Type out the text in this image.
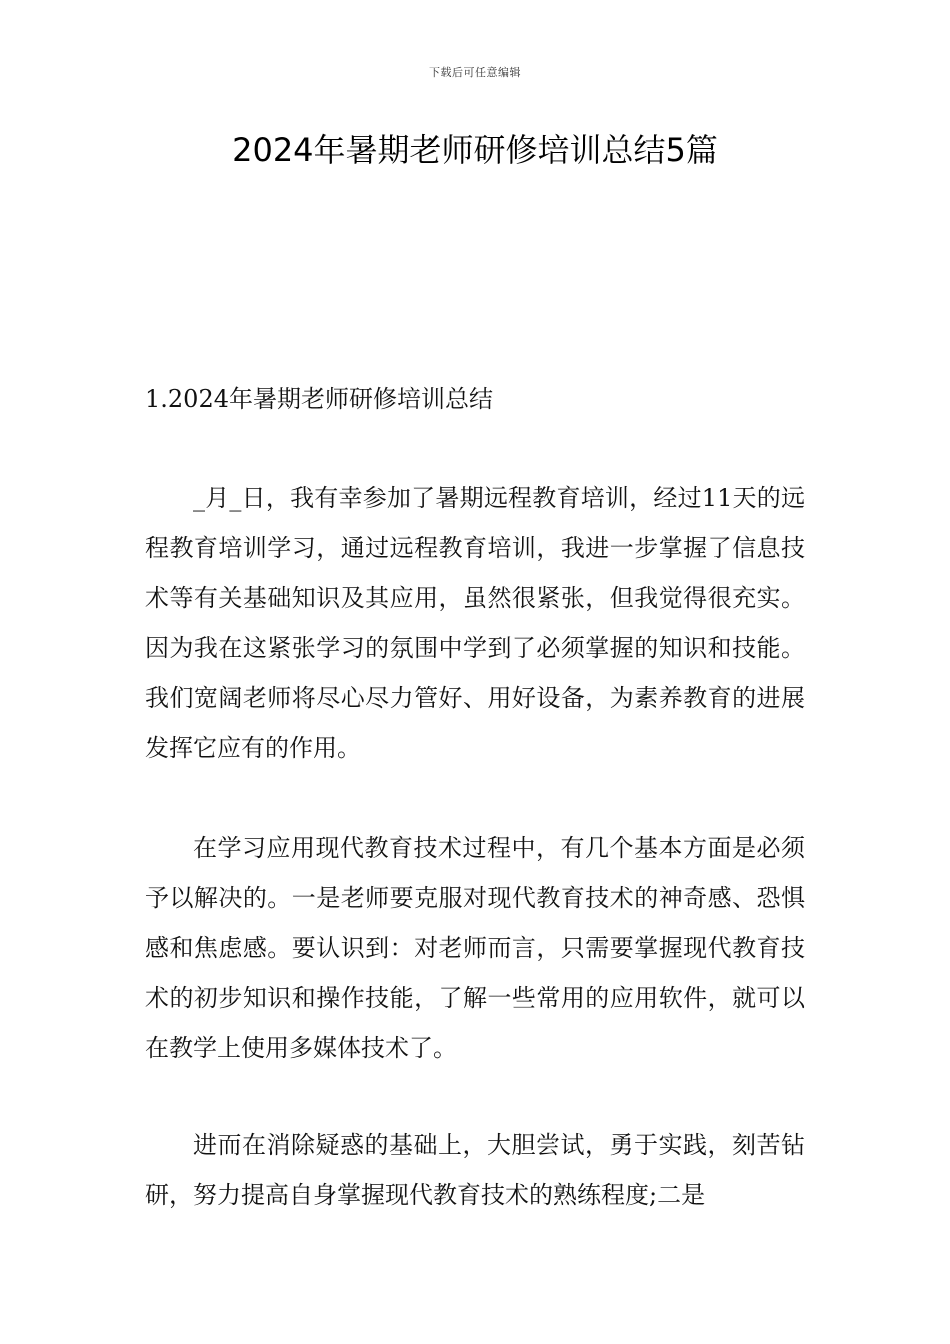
下载后可任意编辑
2024年暑期老师研修培训总结5篇
1.2024年暑期老师研修培训总结

_月_日，我有幸参加了暑期远程教育培训，经过11天的远程教育培训学习，通过远程教育培训，我进一步掌握了信息技术等有关基础知识及其应用，虽然很紧张，但我觉得很充实。因为我在这紧张学习的氛围中学到了必须掌握的知识和技能。我们宽阔老师将尽心尽力管好、用好设备，为素养教育的进展发挥它应有的作用。

在学习应用现代教育技术过程中，有几个基本方面是必须予以解决的。一是老师要克服对现代教育技术的神奇感、恐惧感和焦虑感。要认识到：对老师而言，只需要掌握现代教育技术的初步知识和操作技能，了解一些常用的应用软件，就可以在教学上使用多媒体技术了。

进而在消除疑惑的基础上，大胆尝试，勇于实践，刻苦钻研，努力提高自身掌握现代教育技术的熟练程度;二是
